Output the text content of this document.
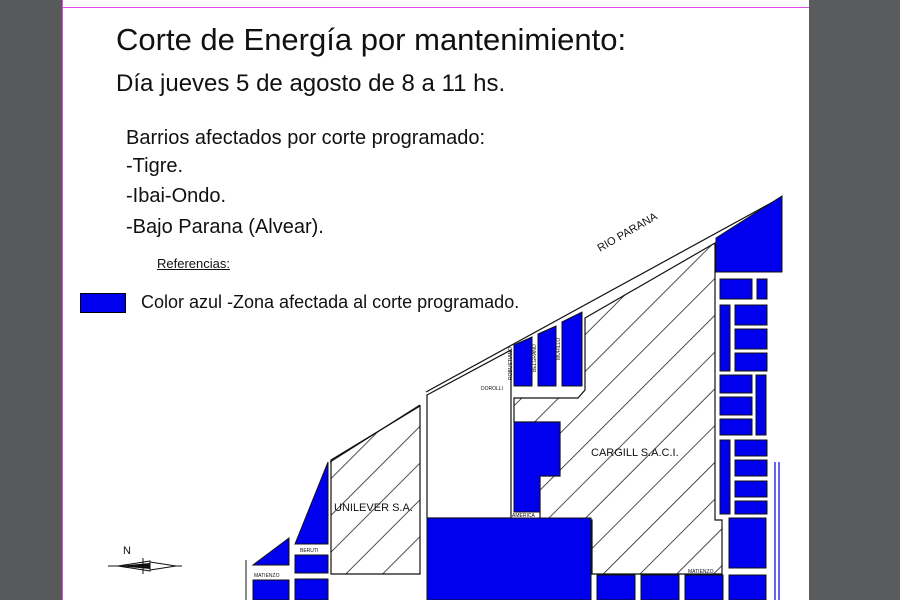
Corte de Energía por mantenimiento:
Día jueves 5 de agosto de 8 a 11 hs.
Barrios afectados por corte programado:
-Tigre.
-Ibai-Ondo.
-Bajo Parana (Alvear).
Referencias:
Color azul -Zona afectada al corte programado.
RIO PARANA
UNILEVER S.A.
CARGILL S.A.C.I.
DOROLLI
ROBUSTIANO	BELGRANO	MURILLO
AMERICA
MATIENZO
MATIENZO
BERUTI
N
